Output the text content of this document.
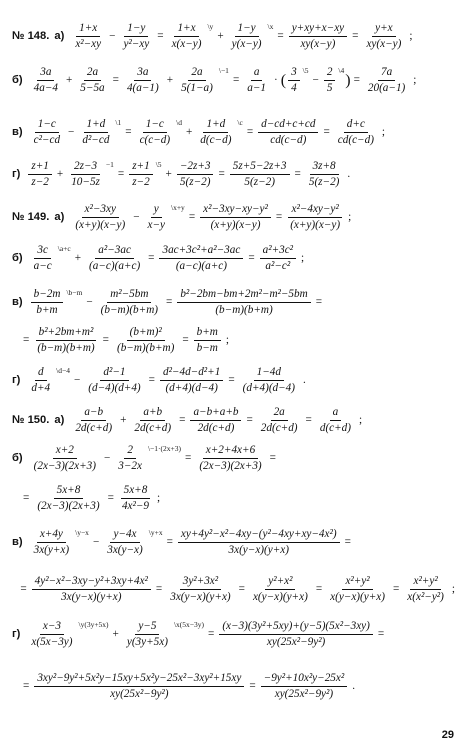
№ 148. $а) \frac{1+x}{\text{x²−xy}} - \frac{1-y}{\text{y²−xy}} = \frac{1+x}{x(x-y)}$ \y
+ $\frac{1-y}{y(x-y)}$ \x
= $\frac{y+xy+x-xy}{xy(x-y)} = \frac{y+x}{xy(x-y)}$ ;
$б) \frac{3a}{4a-4} + \frac{2a}{5-5a} = \frac{3a}{4(a-1)} + \frac{2a}{5(1-a)}$ \−1
= $\frac{a}{a-1}$ · ( $\frac{3}{4}$ \5
− $\frac{2}{5}$ \4
) = $\frac{7a}{20(a-1)}$ ;
$в) \frac{1-c}{\text{c²−cd}} - \frac{1+d}{\text{d²−cd}}$ \1
= $\frac{1-c}{c(c-d)}$ \d
+ $\frac{1+d}{d(c-d)}$ \c
= $\frac{d-cd+c+cd}{cd(c-d)} = \frac{d+c}{cd(c-d)}$ ;
$г) \frac{z+1}{z-2} + \frac{2z-3}{10-5z} -1$
= $\frac{z+1}{z-2}$ \5
+ $\frac{-2z+3}{5(z-2)} = \frac{5z+5-2z+3}{5(z-2)} = \frac{3z+8}{5(z-2)}$ .
№ 149. $а) \frac{\text{x²−3xy}}{(x+y)(x-y)} - \frac{y}{x-y}$ \x+y
= $\frac{\text{x²−3xy−xy−y²}}{(x+y)(x-y)} = \frac{\text{x²−4xy−y²}}{(x+y)(x-y)}$ ;
$б) \frac{3c}{a-c}$ \a+c
+ $\frac{\text{a²−3ac}}{(a-c)(a+c)} = \frac{\text{3ac+3c²+a²−3ac}}{(a-c)(a+c)} = \frac{\text{a²+3c²}}{\text{a²−c²}}$ ;
$в) \frac{b-2m}{b+m}$ \b−m
− $\frac{\text{m²−5bm}}{(b-m)(b+m)} = \frac{\text{b²−2bm−bm+2m²−m²−5bm}}{(b-m)(b+m)}$ =
= $\frac{\text{b²+2bm+m²}}{(b-m)(b+m)} = \frac{\text{(b+m)²}}{(b-m)(b+m)} = \frac{b+m}{b-m}$ ;
$г) \frac{d}{d+4}$ \d−4
− $\frac{\text{d²−1}}{(d-4)(d+4)} = \frac{\text{d²−4d−d²+1}}{(d+4)(d-4)} = \frac{1-4d}{(d+4)(d-4)}$ .
№ 150. $а) \frac{a-b}{2d(c+d)} + \frac{a+b}{2d(c+d)} = \frac{a-b+a+b}{2d(c+d)} = \frac{2a}{2d(c+d)} = \frac{a}{d(c+d)}$ ;
$б) \frac{x+2}{(2x-3)(2x+3)} - \frac{2}{3-2x}$ \−1·(2x+3)
= $\frac{x+2+4x+6}{(2x-3)(2x+3)}$ =
= $\frac{5x+8}{(2x-3)(2x+3)} = \frac{5x+8}{\text{4x²−9}}$ ;
$в) \frac{x+4y}{3x(y+x)}$ \y−x
− $\frac{y-4x}{3x(y-x)}$ \y+x
= $\frac{\text{xy+4y²−x²−4xy−(y²−4xy+xy−4x²)}}{3x(y-x)(y+x)}$ =
= $\frac{\text{4y²−x²−3xy−y²+3xy+4x²}}{3x(y-x)(y+x)} = \frac{\text{3y²+3x²}}{3x(y-x)(y+x)} = \frac{\text{y²+x²}}{x(y-x)(y+x)} = \frac{\text{x²+y²}}{x(y-x)(y+x)} = \frac{\text{x²+y²}}{\text{x(x²−y²)}}$ ;
$г) \frac{x-3}{x(5x-3y)}$ \y(3y+5x)
+ $\frac{y-5}{y(3y+5x)}$ \x(5x−3y)
= $\frac{\text{(x−3)(3y²+5xy)+(y−5)(5x²−3xy)}}{\text{xy(25x²−9y²)}}$ =
= $\frac{\text{3xy²−9y²+5x²y−15xy+5x²y−25x²−3xy²+15xy}}{\text{xy(25x²−9y²)}} = \frac{\text{−9y²+10x²y−25x²}}{\text{xy(25x²−9y²)}}$ .
29
